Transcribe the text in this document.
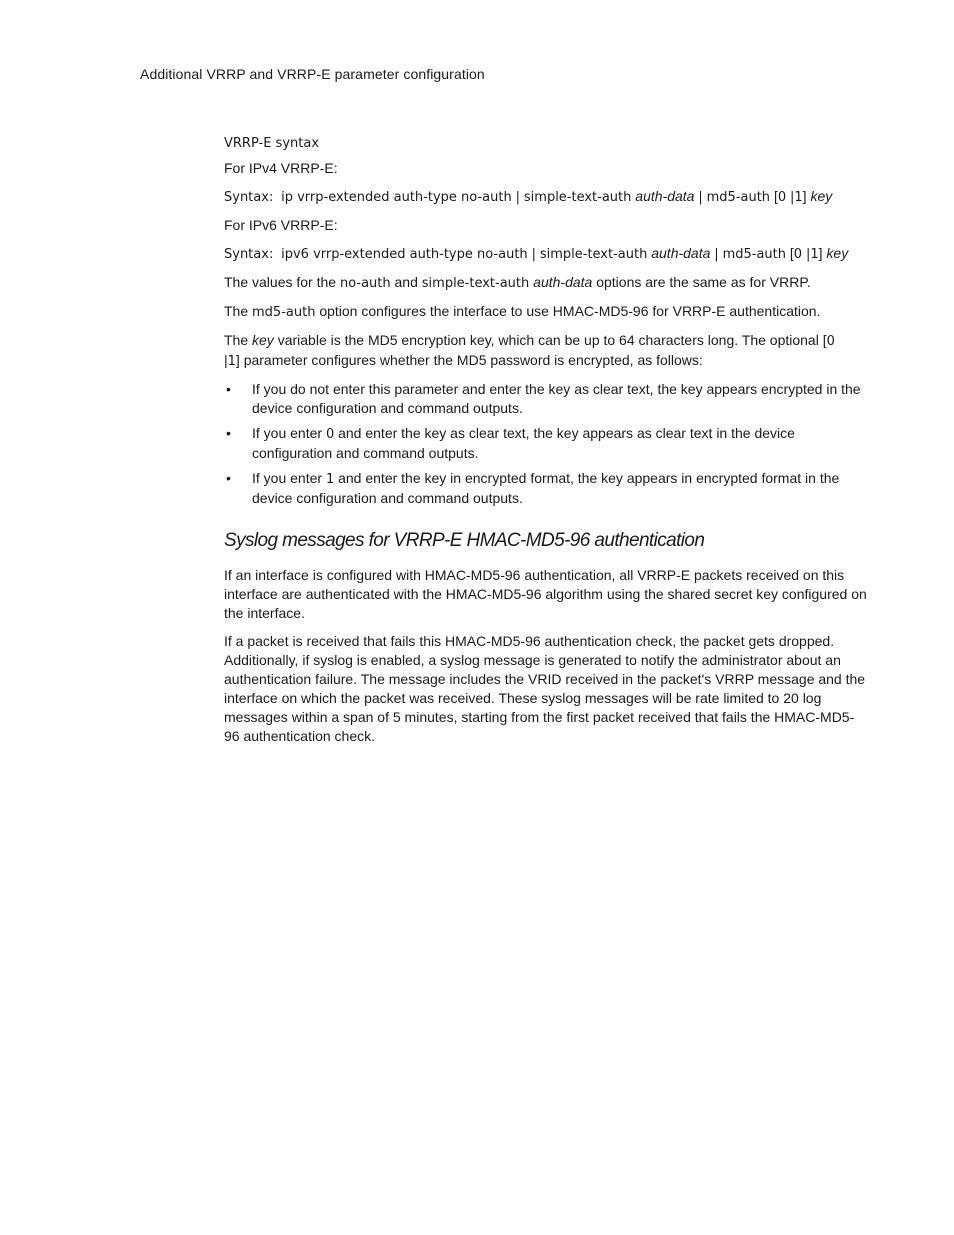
Additional VRRP and VRRP-E parameter configuration

VRRP-E syntax

For IPv4 VRRP-E:

Syntax: ip vrrp-extended auth-type no-auth | simple-text-auth auth-data | md5-auth [0 |1] key

For IPv6 VRRP-E:

Syntax: ipv6 vrrp-extended auth-type no-auth | simple-text-auth auth-data | md5-auth [0 |1] key

The values for the no-auth and simple-text-auth auth-data options are the same as for VRRP.

The md5-auth option configures the interface to use HMAC-MD5-96 for VRRP-E authentication.

The key variable is the MD5 encryption key, which can be up to 64 characters long. The optional [0
|1] parameter configures whether the MD5 password is encrypted, as follows:

• If you do not enter this parameter and enter the key as clear text, the key appears encrypted in the device configuration and command outputs.
• If you enter 0 and enter the key as clear text, the key appears as clear text in the device configuration and command outputs.
• If you enter 1 and enter the key in encrypted format, the key appears in encrypted format in the device configuration and command outputs.
Syslog messages for VRRP-E HMAC-MD5-96 authentication

If an interface is configured with HMAC-MD5-96 authentication, all VRRP-E packets received on this interface are authenticated with the HMAC-MD5-96 algorithm using the shared secret key configured on the interface.

If a packet is received that fails this HMAC-MD5-96 authentication check, the packet gets dropped. Additionally, if syslog is enabled, a syslog message is generated to notify the administrator about an authentication failure. The message includes the VRID received in the packet's VRRP message and the interface on which the packet was received. These syslog messages will be rate limited to 20 log messages within a span of 5 minutes, starting from the first packet received that fails the HMAC-MD5-96 authentication check.
